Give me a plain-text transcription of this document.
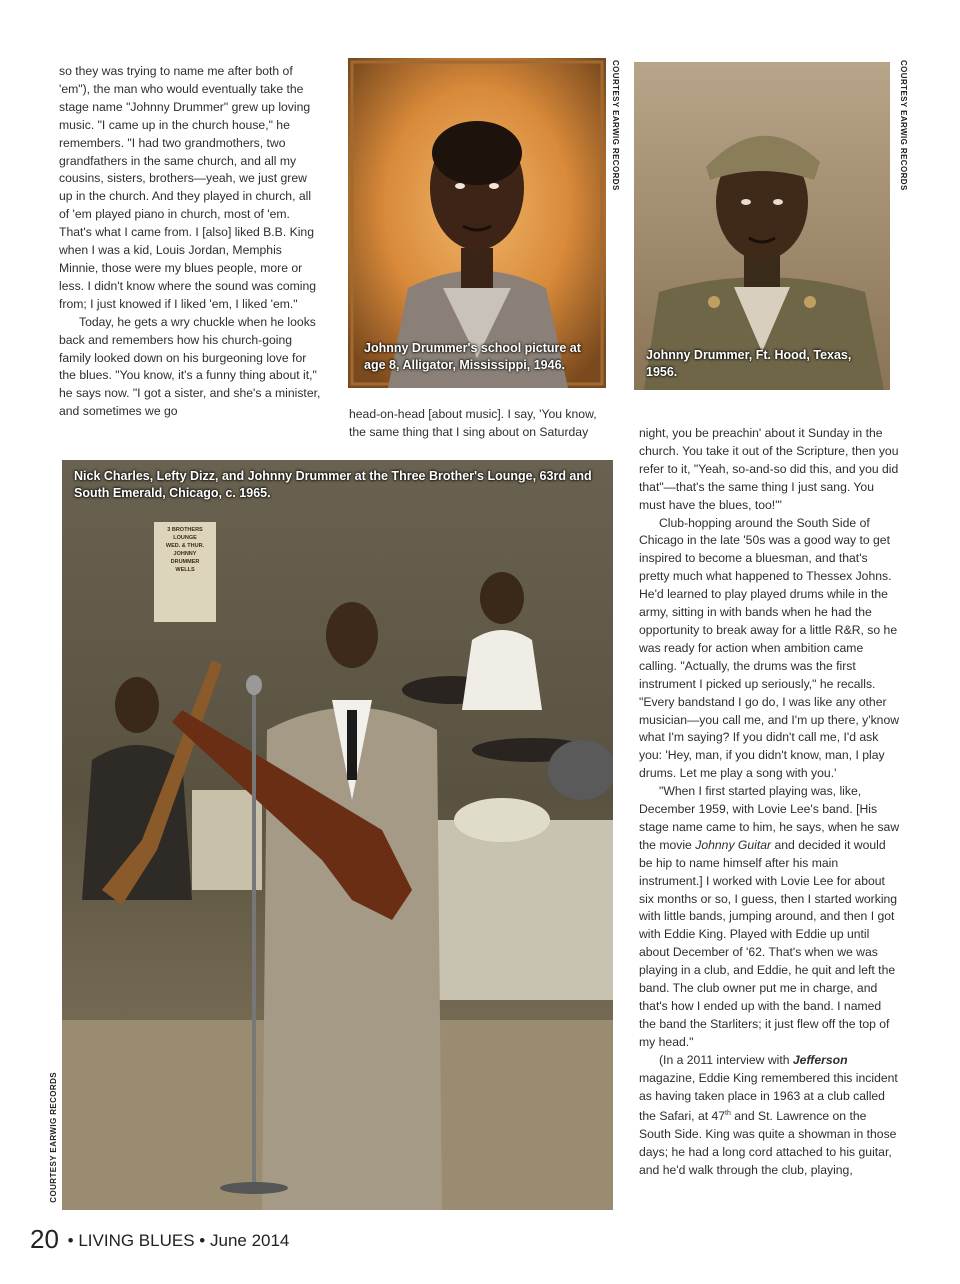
so they was trying to name me after both of 'em"), the man who would eventually take the stage name "Johnny Drummer" grew up loving music. "I came up in the church house," he remembers. "I had two grandmothers, two grandfathers in the same church, and all my cousins, sisters, brothers—yeah, we just grew up in the church. And they played in church, all of 'em played piano in church, most of 'em. That's what I came from. I [also] liked B.B. King when I was a kid, Louis Jordan, Memphis Minnie, those were my blues people, more or less. I didn't know where the sound was coming from; I just knowed if I liked 'em, I liked 'em."

Today, he gets a wry chuckle when he looks back and remembers how his church-going family looked down on his burgeoning love for the blues. "You know, it's a funny thing about it," he says now. "I got a sister, and she's a minister, and sometimes we go

Johnny Drummer's school picture at age 8, Alligator, Mississippi, 1946.
COURTESY EARWIG RECORDS
Johnny Drummer, Ft. Hood, Texas, 1956.
COURTESY EARWIG RECORDS
head-on-head [about music]. I say, 'You know, the same thing that I sing about on Saturday	night, you be preachin' about it Sunday in the church. You take it out of the Scripture, then you refer to it, "Yeah, so-and-so did this, and you did that"—that's the same thing I just sang. You must have the blues, too!'"

Club-hopping around the South Side of Chicago in the late '50s was a good way to get inspired to become a bluesman, and that's pretty much what happened to Thessex Johns. He'd learned to play played drums while in the army, sitting in with bands when he had the opportunity to break away for a little R&R, so he was ready for action when ambition came calling. "Actually, the drums was the first instrument I picked up seriously," he recalls. "Every bandstand I go do, I was like any other musician—you call me, and I'm up there, y'know what I'm saying? If you didn't call me, I'd ask you: 'Hey, man, if you didn't know, man, I play drums. Let me play a song with you.'

"When I first started playing was, like, December 1959, with Lovie Lee's band. [His stage name came to him, he says, when he saw the movie Johnny Guitar and decided it would be hip to name himself after his main instrument.] I worked with Lovie Lee for about six months or so, I guess, then I started working with little bands, jumping around, and then I got with Eddie King. Played with Eddie up until about December of '62. That's when we was playing in a club, and Eddie, he quit and left the band. The club owner put me in charge, and that's how I ended up with the band. I named the band the Starliters; it just flew off the top of my head."

(In a 2011 interview with Jefferson magazine, Eddie King remembered this incident as having taken place in 1963 at a club called the Safari, at 47th and St. Lawrence on the South Side. King was quite a showman in those days; he had a long cord attached to his guitar, and he'd walk through the club, playing,

Nick Charles, Lefty Dizz, and Johnny Drummer at the Three Brother's Lounge, 63rd and South Emerald, Chicago, c. 1965.
3 BROTHERS LOUNGE
WED. & THUR.
JOHNNY
DRUMMER
WELLS
COURTESY EARWIG RECORDS
20 • LIVING BLUES • June 2014
